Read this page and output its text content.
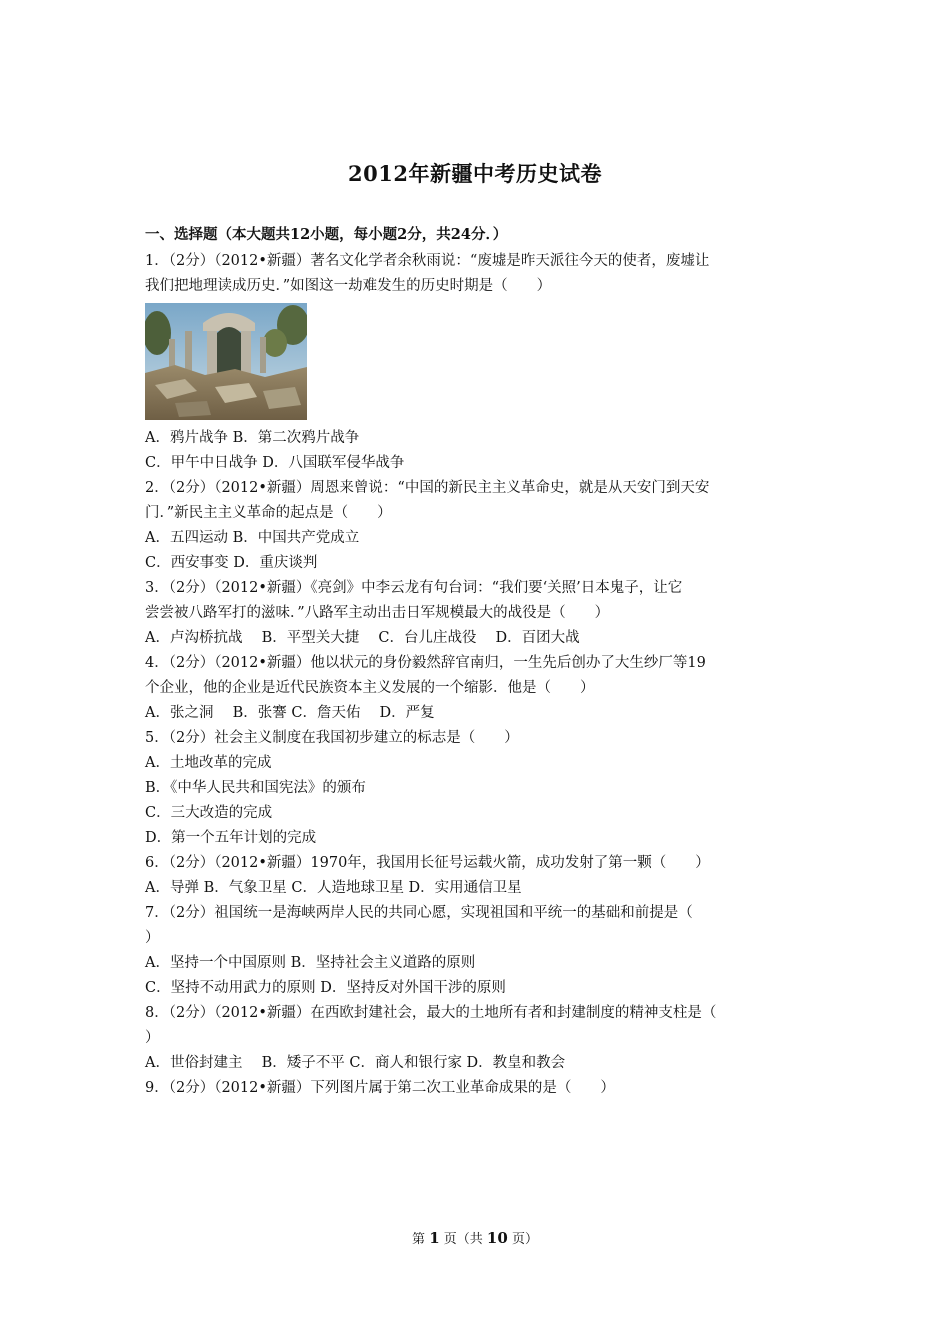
2012年新疆中考历史试卷
一、选择题（本大题共12小题，每小题2分，共24分．）
1．（2分）（2012•新疆）著名文化学者余秋雨说：“废墟是昨天派往今天的使者，废墟让
我们把地理读成历史．”如图这一劫难发生的历史时期是（　　）
A．鸦片战争 B．第二次鸦片战争
C．甲午中日战争 D．八国联军侵华战争
2．（2分）（2012•新疆）周恩来曾说：“中国的新民主主义革命史，就是从天安门到天安
门．”新民主主义革命的起点是（　　）
A．五四运动 B．中国共产党成立
C．西安事变 D．重庆谈判
3．（2分）（2012•新疆）《亮剑》中李云龙有句台词：“我们要‘关照’日本鬼子，让它
尝尝被八路军打的滋味．”八路军主动出击日军规模最大的战役是（　　）
A．卢沟桥抗战　 B．平型关大捷　 C．台儿庄战役　 D．百团大战
4．（2分）（2012•新疆）他以状元的身份毅然辞官南归，一生先后创办了大生纱厂等19
个企业，他的企业是近代民族资本主义发展的一个缩影．他是（　　）
A．张之洞　 B．张謇 C．詹天佑　 D．严复
5．（2分）社会主义制度在我国初步建立的标志是（　　）
A．土地改革的完成
B．《中华人民共和国宪法》的颁布
C．三大改造的完成
D．第一个五年计划的完成
6．（2分）（2012•新疆）1970年，我国用长征号运载火箭，成功发射了第一颗（　　）
A．导弹 B．气象卫星 C．人造地球卫星 D．实用通信卫星
7．（2分）祖国统一是海峡两岸人民的共同心愿，实现祖国和平统一的基础和前提是（
）
A．坚持一个中国原则 B．坚持社会主义道路的原则
C．坚持不动用武力的原则 D．坚持反对外国干涉的原则
8．（2分）（2012•新疆）在西欧封建社会，最大的土地所有者和封建制度的精神支柱是（
）
A．世俗封建主　 B．矮子不平 C．商人和银行家 D．教皇和教会
9．（2分）（2012•新疆）下列图片属于第二次工业革命成果的是（　　）
第 1 页（共 10 页）
